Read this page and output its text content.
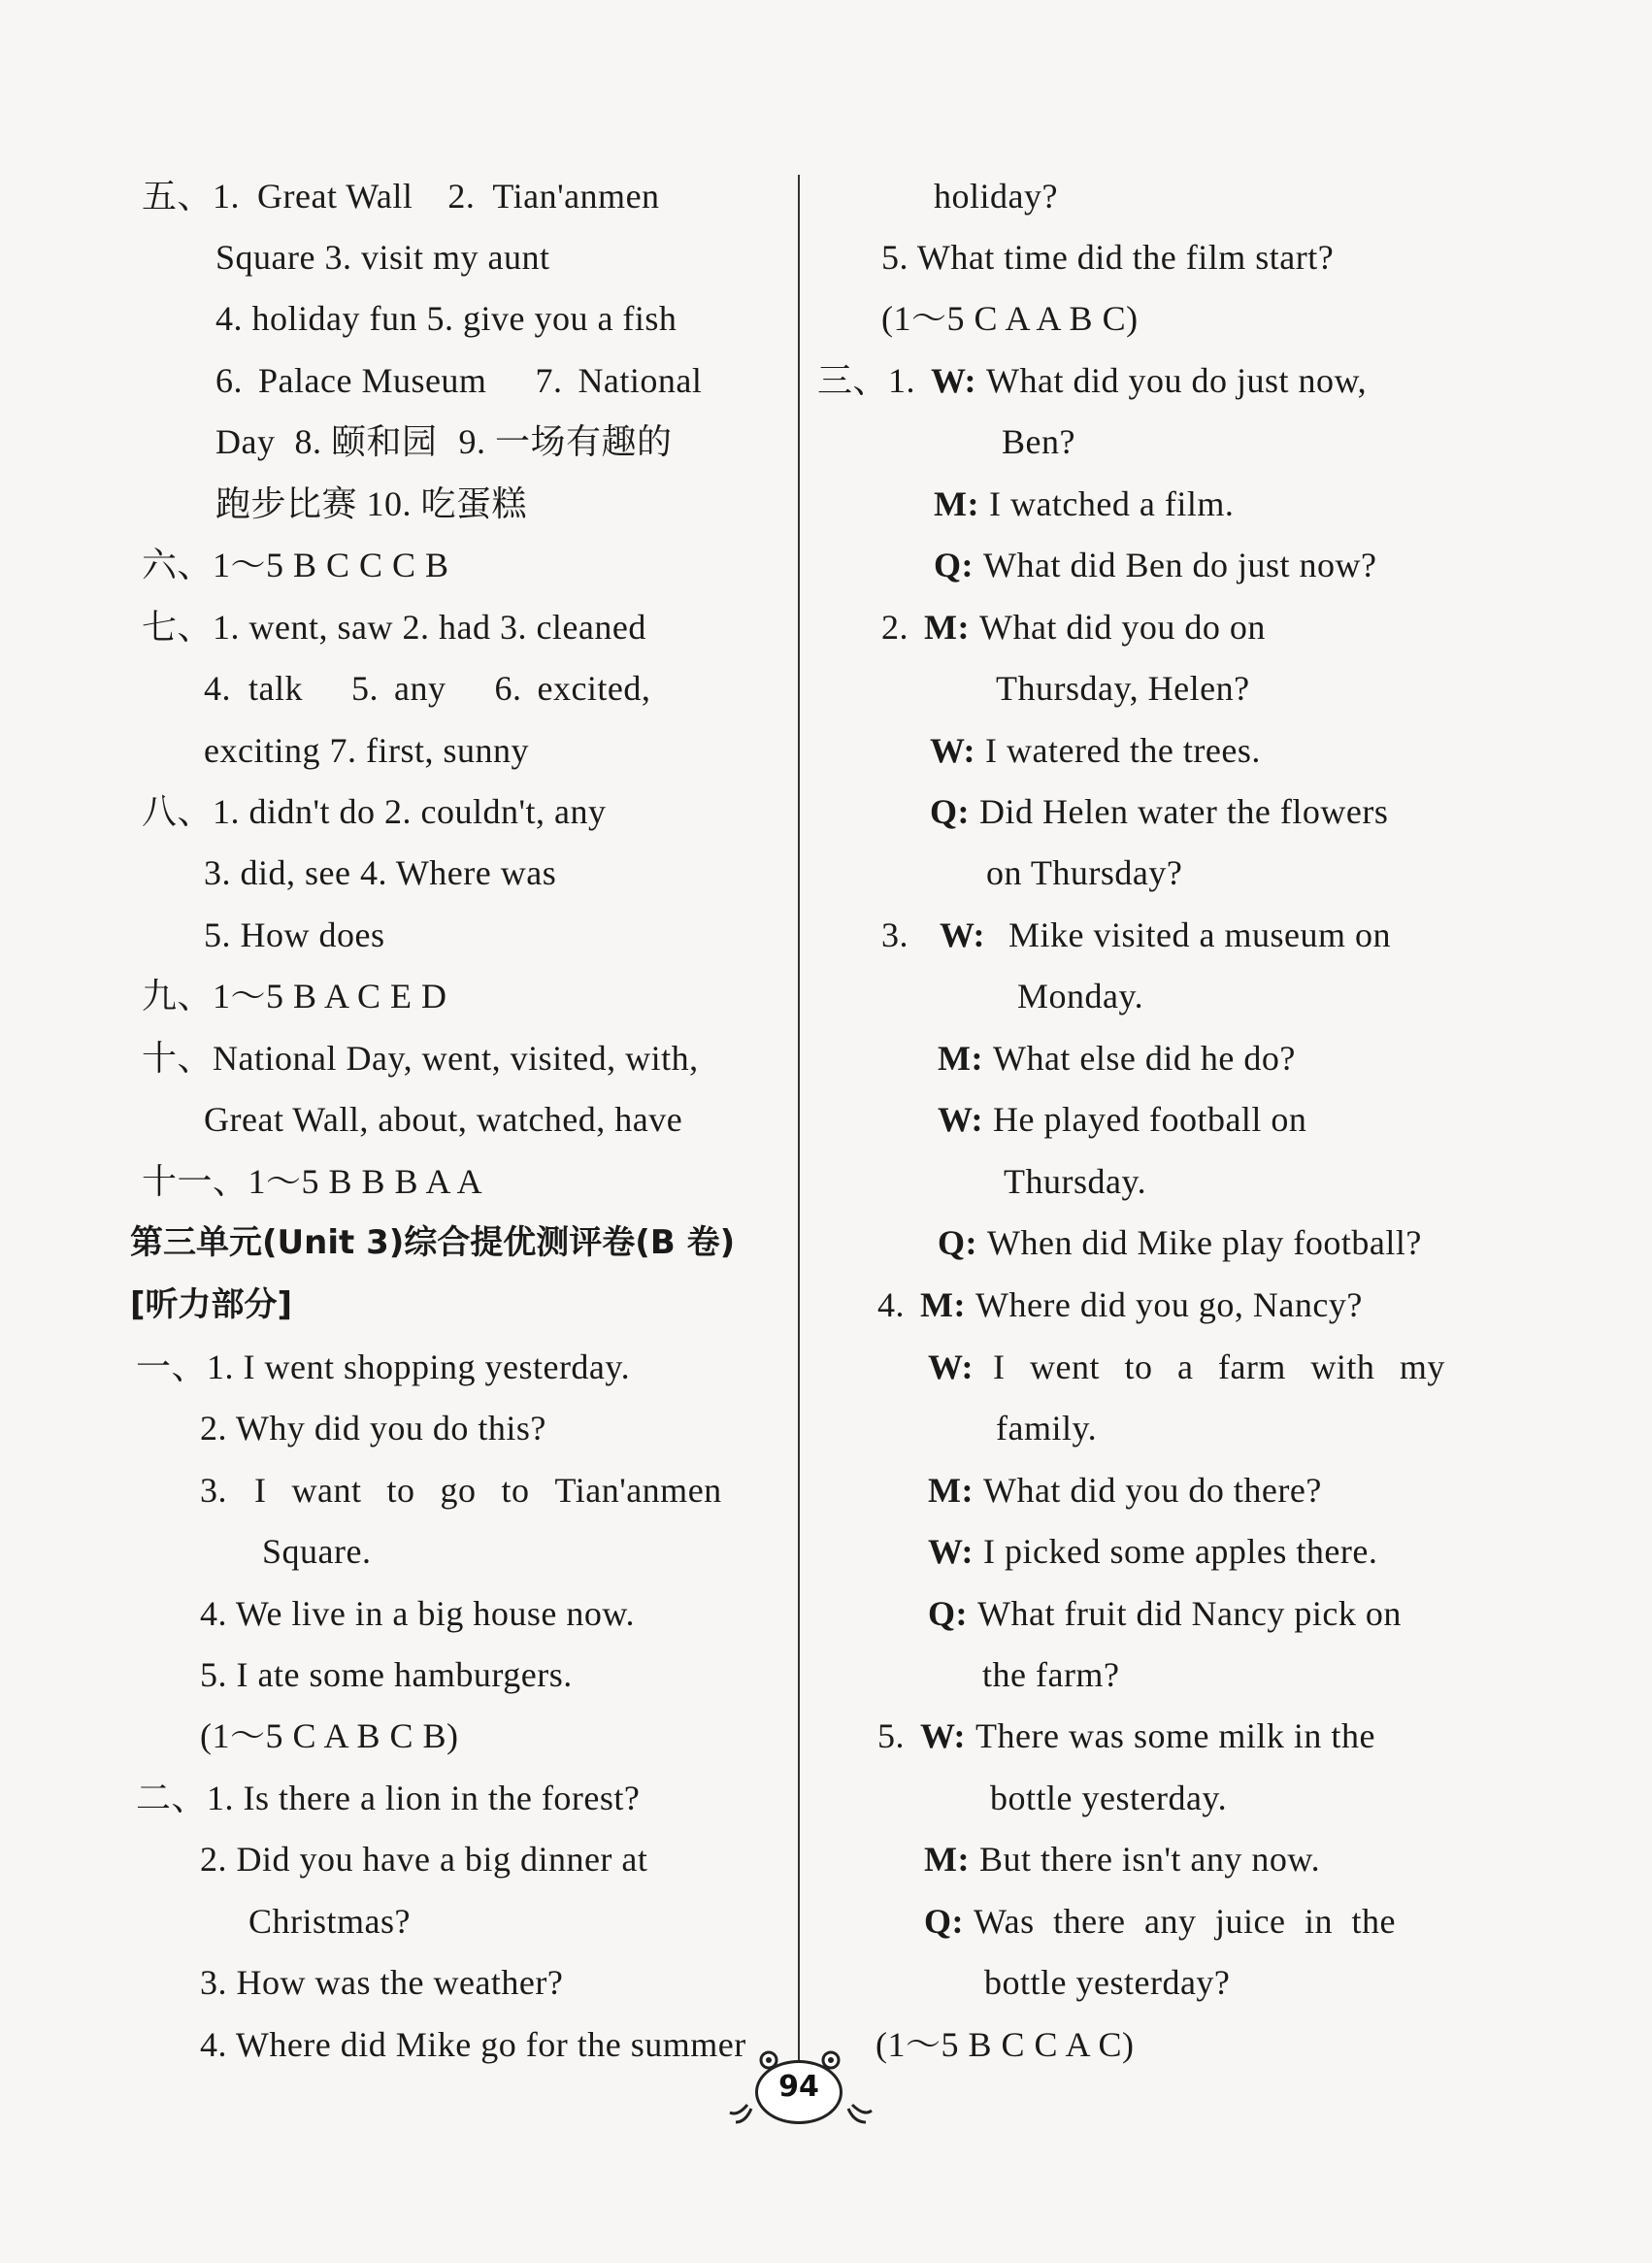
五、1. Great Wall 2. Tian'anmen
Square 3. visit my aunt
4. holiday fun 5. give you a fish
6. Palace Museum 7. National
Day 8. 颐和园 9. 一场有趣的
跑步比赛 10. 吃蛋糕
六、1～5 B C C C B
七、1. went, saw 2. had 3. cleaned
4. talk 5. any 6. excited,
exciting 7. first, sunny
八、1. didn't do 2. couldn't, any
3. did, see 4. Where was
5. How does
九、1～5 B A C E D
十、National Day, went, visited, with,
Great Wall, about, watched, have
十一、1～5 B B B A A
第三单元(Unit 3)综合提优测评卷(B 卷)
[听力部分]
一、1. I went shopping yesterday.
2. Why did you do this?
3. I want to go to Tian'anmen
Square.
4. We live in a big house now.
5. I ate some hamburgers.
(1～5 C A B C B)
二、1. Is there a lion in the forest?
2. Did you have a big dinner at
Christmas?
3. How was the weather?
4. Where did Mike go for the summer
holiday?
5. What time did the film start?
(1～5 C A A B C)
三、1. W: What did you do just now,
Ben?
M: I watched a film.
Q: What did Ben do just now?
2. M: What did you do on
Thursday, Helen?
W: I watered the trees.
Q: Did Helen water the flowers
on Thursday?
3. W: Mike visited a museum on
Monday.
M: What else did he do?
W: He played football on
Thursday.
Q: When did Mike play football?
4. M: Where did you go, Nancy?
W: I went to a farm with my
family.
M: What did you do there?
W: I picked some apples there.
Q: What fruit did Nancy pick on
the farm?
5. W: There was some milk in the
bottle yesterday.
M: But there isn't any now.
Q: Was there any juice in the
bottle yesterday?
(1～5 B C C A C)
94
